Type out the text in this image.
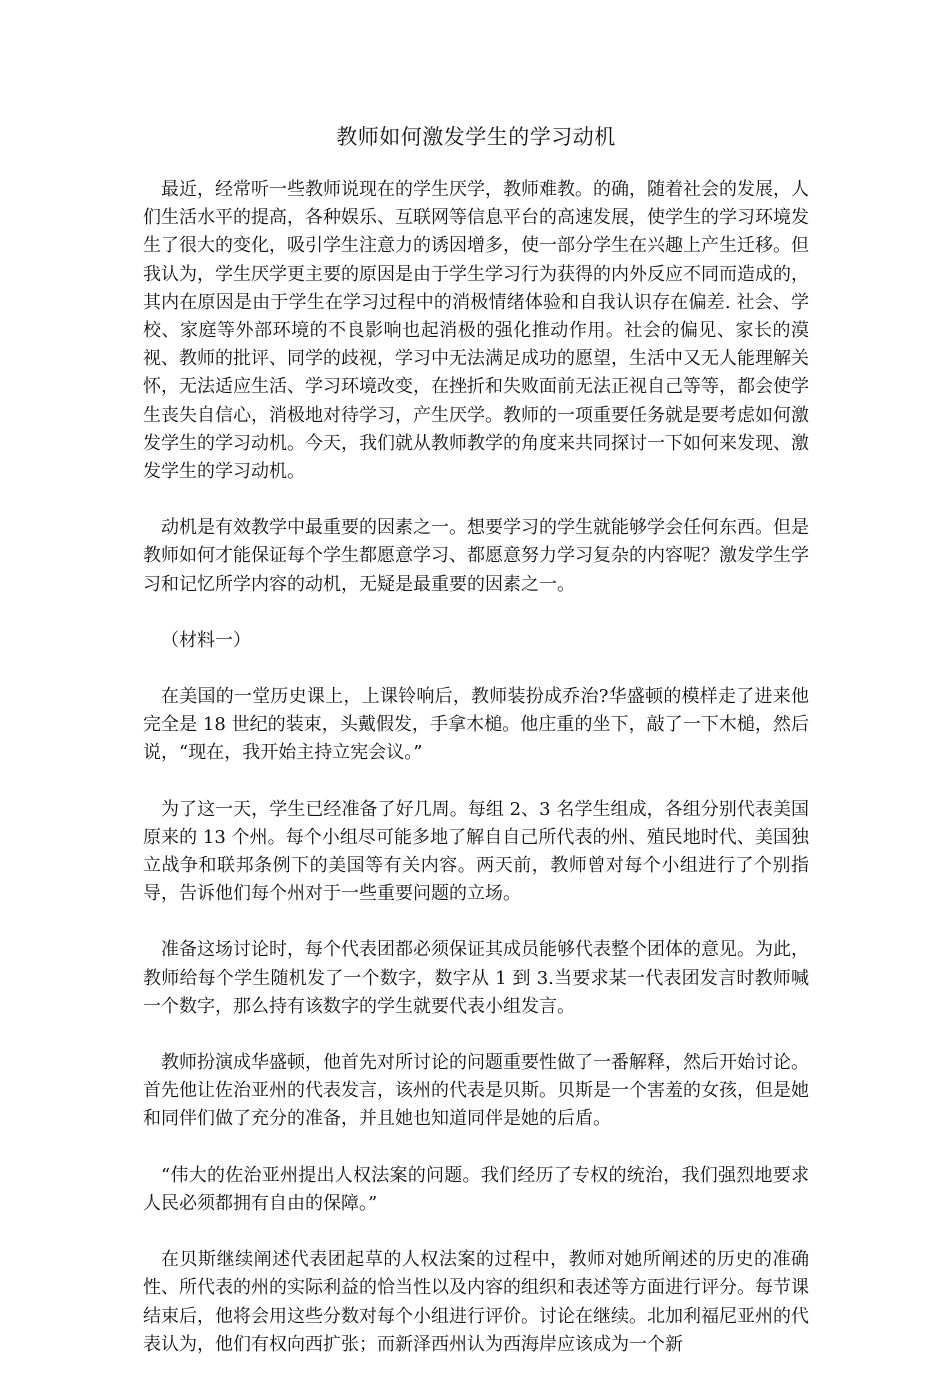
教师如何激发学生的学习动机

最近，经常听一些教师说现在的学生厌学，教师难教。的确，随着社会的发展，人们生活水平的提高，各种娱乐、互联网等信息平台的高速发展，使学生的学习环境发生了很大的变化，吸引学生注意力的诱因增多，使一部分学生在兴趣上产生迁移。但我认为，学生厌学更主要的原因是由于学生学习行为获得的内外反应不同而造成的，其内在原因是由于学生在学习过程中的消极情绪体验和自我认识存在偏差. 社会、学校、家庭等外部环境的不良影响也起消极的强化推动作用。社会的偏见、家长的漠视、教师的批评、同学的歧视，学习中无法满足成功的愿望，生活中又无人能理解关怀，无法适应生活、学习环境改变，在挫折和失败面前无法正视自己等等，都会使学生丧失自信心，消极地对待学习，产生厌学。教师的一项重要任务就是要考虑如何激发学生的学习动机。今天，我们就从教师教学的角度来共同探讨一下如何来发现、激发学生的学习动机。

动机是有效教学中最重要的因素之一。想要学习的学生就能够学会任何东西。但是教师如何才能保证每个学生都愿意学习、都愿意努力学习复杂的内容呢？激发学生学习和记忆所学内容的动机，无疑是最重要的因素之一。

（材料一）

在美国的一堂历史课上，上课铃响后，教师装扮成乔治?华盛顿的模样走了进来他完全是 18 世纪的装束，头戴假发，手拿木槌。他庄重的坐下，敲了一下木槌，然后说，“现在，我开始主持立宪会议。”

为了这一天，学生已经准备了好几周。每组 2、3 名学生组成，各组分别代表美国原来的 13 个州。每个小组尽可能多地了解自自己所代表的州、殖民地时代、美国独立战争和联邦条例下的美国等有关内容。两天前，教师曾对每个小组进行了个别指导，告诉他们每个州对于一些重要问题的立场。

准备这场讨论时，每个代表团都必须保证其成员能够代表整个团体的意见。为此，教师给每个学生随机发了一个数字，数字从 1 到 3.当要求某一代表团发言时教师喊一个数字，那么持有该数字的学生就要代表小组发言。

教师扮演成华盛顿，他首先对所讨论的问题重要性做了一番解释，然后开始讨论。首先他让佐治亚州的代表发言，该州的代表是贝斯。贝斯是一个害羞的女孩，但是她和同伴们做了充分的准备，并且她也知道同伴是她的后盾。

“伟大的佐治亚州提出人权法案的问题。我们经历了专权的统治，我们强烈地要求人民必须都拥有自由的保障。”

在贝斯继续阐述代表团起草的人权法案的过程中，教师对她所阐述的历史的准确性、所代表的州的实际利益的恰当性以及内容的组织和表述等方面进行评分。每节课结束后，他将会用这些分数对每个小组进行评价。讨论在继续。北加利福尼亚州的代表认为，他们有权向西扩张；而新泽西州认为西海岸应该成为一个新
